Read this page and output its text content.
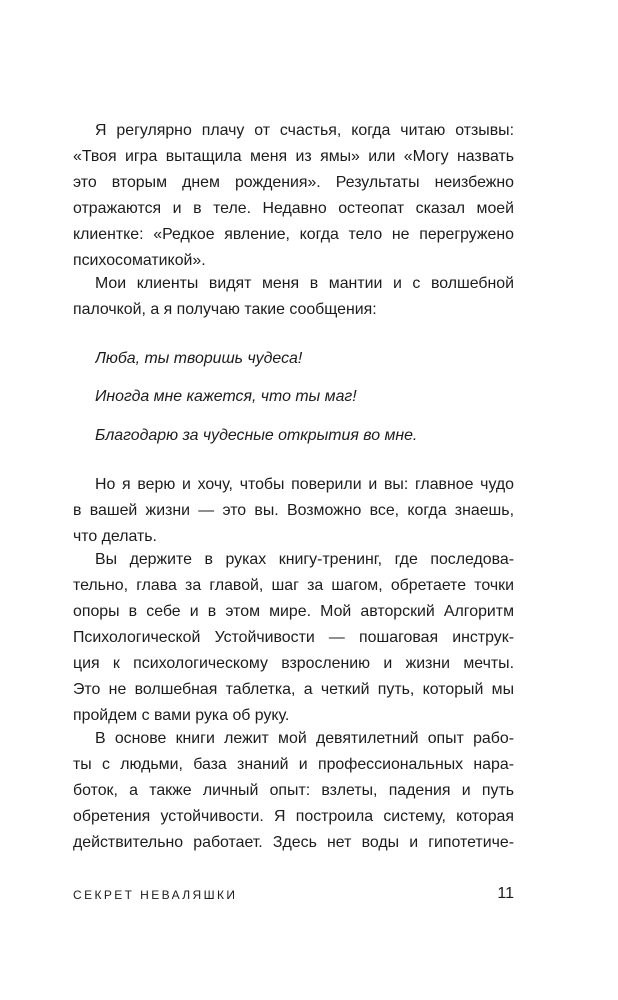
Я регулярно плачу от счастья, когда читаю отзывы:
«Твоя игра вытащила меня из ямы» или «Могу назвать
это вторым днем рождения». Результаты неизбежно
отражаются и в теле. Недавно остеопат сказал моей
клиентке: «Редкое явление, когда тело не перегружено
психосоматикой».
Мои клиенты видят меня в мантии и с волшебной
палочкой, а я получаю такие сообщения:
Люба, ты творишь чудеса!
Иногда мне кажется, что ты маг!
Благодарю за чудесные открытия во мне.
Но я верю и хочу, чтобы поверили и вы: главное чудо
в вашей жизни — это вы. Возможно все, когда знаешь,
что делать.
Вы держите в руках книгу-тренинг, где последова-
тельно, глава за главой, шаг за шагом, обретаете точки
опоры в себе и в этом мире. Мой авторский Алгоритм
Психологической Устойчивости — пошаговая инструк-
ция к психологическому взрослению и жизни мечты.
Это не волшебная таблетка, а четкий путь, который мы
пройдем с вами рука об руку.
В основе книги лежит мой девятилетний опыт рабо-
ты с людьми, база знаний и профессиональных нара-
боток, а также личный опыт: взлеты, падения и путь
обретения устойчивости. Я построила систему, которая
действительно работает. Здесь нет воды и гипотетиче-
СЕКРЕТ НЕВАЛЯШКИ	11
